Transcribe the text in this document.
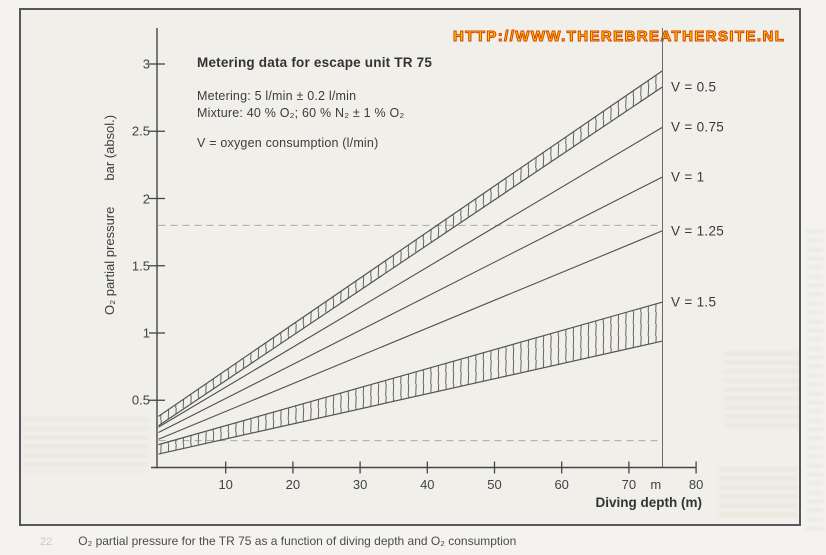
HTTP://WWW.THEREBREATHERSITE.NL
Metering data for escape unit TR 75
Metering: 5 l/min ± 0.2 l/min
Mixture: 40 % O₂; 60 % N₂ ± 1 % O₂
V = oxygen consumption (l/min)
O₂ partial pressure
bar (absol.)
Diving depth (m)
22 O₂ partial pressure for the TR 75 as a function of diving depth and O₂ consumption
0.5
1
1.5
2
2.5
3
10	20	30	40	50	60	70	m	80
V = 0.5
V = 0.75
V = 1
V = 1.25
V = 1.5
